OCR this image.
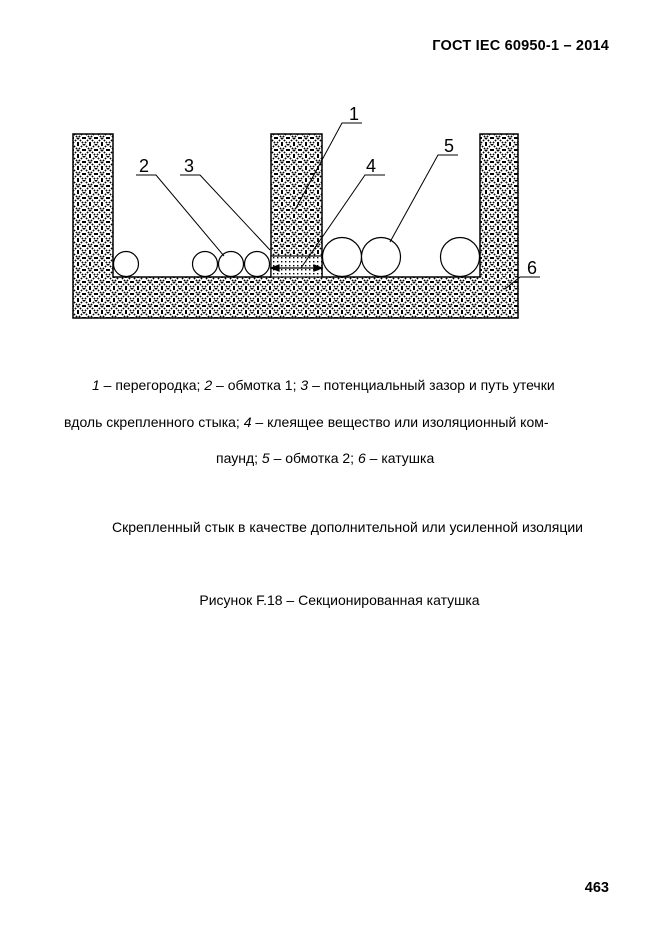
ГОСТ IEC 60950-1 – 2014
1
2 3	4
5
6
1 – перегородка; 2 – обмотка 1; 3 – потенциальный зазор и путь утечки
вдоль скрепленного стыка; 4 – клеящее вещество или изоляционный ком-
паунд; 5 – обмотка 2; 6 – катушка
Скрепленный стык в качестве дополнительной или усиленной изоляции
Рисунок F.18 – Секционированная катушка
463
